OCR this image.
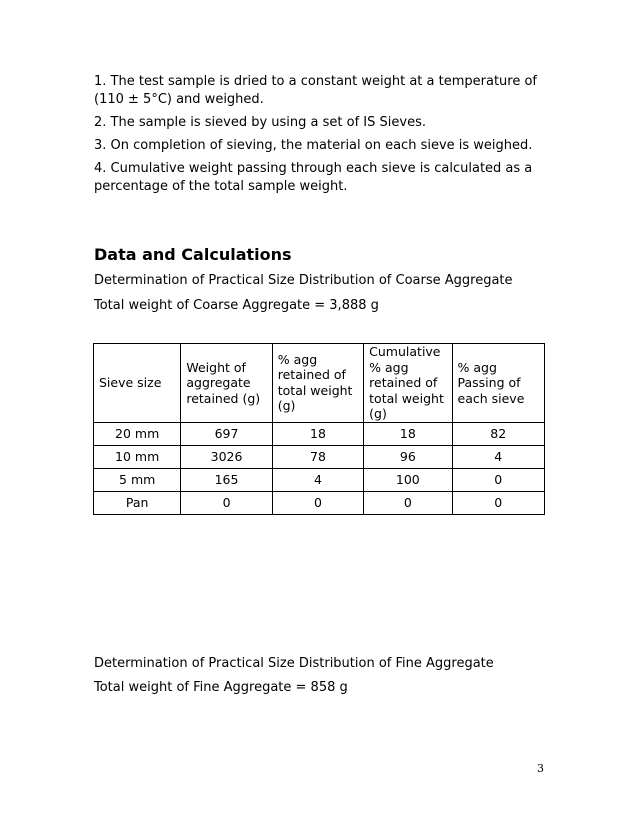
1. The test sample is dried to a constant weight at a temperature of (110 ± 5°C) and weighed.

2. The sample is sieved by using a set of IS Sieves.

3. On completion of sieving, the material on each sieve is weighed.

4. Cumulative weight passing through each sieve is calculated as a percentage of the total sample weight.

Data and Calculations

Determination of Practical Size Distribution of Coarse Aggregate

Total weight of Coarse Aggregate = 3,888 g

Sieve size	Weight of aggregate retained (g)	% agg retained of total weight (g)	Cumulative % agg retained of total weight (g)	% agg Passing of each sieve
20 mm	697	18	18	82
10 mm	3026	78	96	4
5 mm	165	4	100	0
Pan	0	0	0	0

Determination of Practical Size Distribution of Fine Aggregate

Total weight of Fine Aggregate = 858 g

3
